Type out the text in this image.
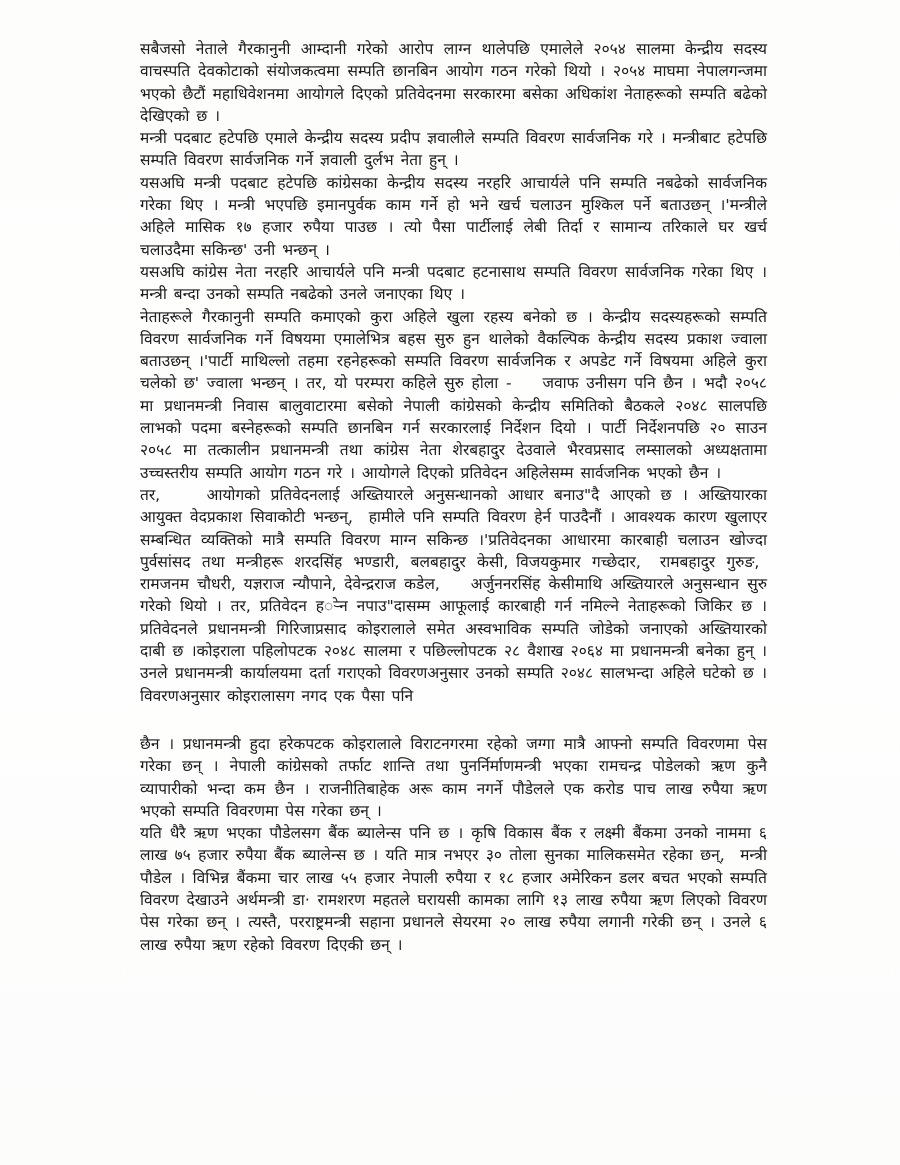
सबैजसो नेताले गैरकानुनी आम्दानी गरेको आरोप लाग्न थालेपछि एमालेले २०५४ सालमा केन्द्रीय सदस्य वाचस्पति देवकोटाको संयोजकत्वमा सम्पति छानबिन आयोग गठन गरेको थियो । २०५४ माघमा नेपालगन्जमा भएको छैटौं महाधिवेशनमा आयोगले दिएको प्रतिवेदनमा सरकारमा बसेका अधिकांश नेताहरूको सम्पति बढेको देखिएको छ ।

मन्त्री पदबाट हटेपछि एमाले केन्द्रीय सदस्य प्रदीप ज्ञवालीले सम्पति विवरण सार्वजनिक गरे । मन्त्रीबाट हटेपछि सम्पति विवरण सार्वजनिक गर्ने ज्ञवाली दुर्लभ नेता हुन् ।

यसअघि मन्त्री पदबाट हटेपछि कांग्रेसका केन्द्रीय सदस्य नरहरि आचार्यले पनि सम्पति नबढेको सार्वजनिक गरेका थिए । मन्त्री भएपछि इमानपुर्वक काम गर्ने हो भने खर्च चलाउन मुश्किल पर्ने बताउछन् ।'मन्त्रीले अहिले मासिक १७ हजार रुपैया पाउछ । त्यो पैसा पार्टीलाई लेबी तिर्दा र सामान्य तरिकाले घर खर्च चलाउदैमा सकिन्छ' उनी भन्छन् ।

यसअघि कांग्रेस नेता नरहरि आचार्यले पनि मन्त्री पदबाट हटनासाथ सम्पति विवरण सार्वजनिक गरेका थिए । मन्त्री बन्दा उनको सम्पति नबढेको उनले जनाएका थिए ।

नेताहरूले गैरकानुनी सम्पति कमाएको कुरा अहिले खुला रहस्य बनेको छ । केन्द्रीय सदस्यहरूको सम्पति विवरण सार्वजनिक गर्ने विषयमा एमालेभित्र बहस सुरु हुन थालेको वैकल्पिक केन्द्रीय सदस्य प्रकाश ज्वाला बताउछन् ।'पार्टी माथिल्लो तहमा रहनेहरूको सम्पति विवरण सार्वजनिक र अपडेट गर्ने विषयमा अहिले कुरा चलेको छ' ज्वाला भन्छन् । तर, यो परम्परा कहिले सुरु होला -  जवाफ उनीसग पनि छैन । भदौ २०५८ मा प्रधानमन्त्री निवास बालुवाटारमा बसेको नेपाली कांग्रेसको केन्द्रीय समितिको बैठकले २०४८ सालपछि लाभको पदमा बस्नेहरूको सम्पति छानबिन गर्न सरकारलाई निर्देशन दियो । पार्टी निर्देशनपछि २० साउन २०५८ मा तत्कालीन प्रधानमन्त्री तथा कांग्रेस नेता शेरबहादुर देउवाले भैरवप्रसाद लम्सालको अध्यक्षतामा उच्चस्तरीय सम्पति आयोग गठन गरे । आयोगले दिएको प्रतिवेदन अहिलेसम्म सार्वजनिक भएको छैन ।

तर,   आयोगको प्रतिवेदनलाई अख्तियारले अनुसन्धानको आधार बनाउ"दै आएको छ । अख्तियारका आयुक्त वेदप्रकाश सिवाकोटी भन्छन्,  हामीले पनि सम्पति विवरण हेर्न पाउदैनौं । आवश्यक कारण खुलाएर सम्बन्धित व्यक्तिको मात्रै सम्पति विवरण माग्न सकिन्छ ।'प्रतिवेदनका आधारमा कारबाही चलाउन खोज्दा पुर्वसांसद तथा मन्त्रीहरू शरदसिंह भण्डारी, बलबहादुर केसी, विजयकुमार गच्छेदार,  रामबहादुर गुरुङ, रामजनम चौधरी, यज्ञराज न्यौपाने, देवेन्द्रराज कडेल,  अर्जुननरसिंह केसीमाथि अख्तियारले अनुसन्धान सुरु गरेको थियो । तर, प्रतिवेदन हर्‍ेन नपाउ"दासम्म आफूलाई कारबाही गर्न नमिल्ने नेताहरूको जिकिर छ । प्रतिवेदनले प्रधानमन्त्री गिरिजाप्रसाद कोइरालाले समेत अस्वभाविक सम्पति जोडेको जनाएको अख्तियारको दाबी छ ।कोइराला पहिलोपटक २०४८ सालमा र पछिल्लोपटक २८ वैशाख २०६४ मा प्रधानमन्त्री बनेका हुन् । उनले प्रधानमन्त्री कार्यालयमा दर्ता गराएको विवरणअनुसार उनको सम्पति २०४८ सालभन्दा अहिले घटेको छ । विवरणअनुसार कोइरालासग नगद एक पैसा पनि

छैन । प्रधानमन्त्री हुदा हरेकपटक कोइरालाले विराटनगरमा रहेको जग्गा मात्रै आफ्नो सम्पति विवरणमा पेस गरेका छन् । नेपाली कांग्रेसको तर्फाट शान्ति तथा पुनर्निर्माणमन्त्री भएका रामचन्द्र पोडेलको ऋण कुनै व्यापारीको भन्दा कम छैन । राजनीतिबाहेक अरू काम नगर्ने पौडेलले एक करोड पाच लाख रुपैया ऋण भएको सम्पति विवरणमा पेस गरेका छन् ।

यति धैरै ऋण भएका पौडेलसग बैंक ब्यालेन्स पनि छ । कृषि विकास बैंक र लक्ष्मी बैंकमा उनको नाममा ६ लाख ७५ हजार रुपैया बैंक ब्यालेन्स छ । यति मात्र नभएर ३० तोला सुनका मालिकसमेत रहेका छन्, मन्त्री पौडेल । विभिन्न बैंकमा चार लाख ५५ हजार नेपाली रुपैया र १८ हजार अमेरिकन डलर बचत भएको सम्पति विवरण देखाउने अर्थमन्त्री डा· रामशरण महतले घरायसी कामका लागि १३ लाख रुपैया ऋण लिएको विवरण पेस गरेका छन् । त्यस्तै, परराष्ट्रमन्त्री सहाना प्रधानले सेयरमा २० लाख रुपैया लगानी गरेकी छन् । उनले ६ लाख रुपैया ऋण रहेको विवरण दिएकी छन् ।
